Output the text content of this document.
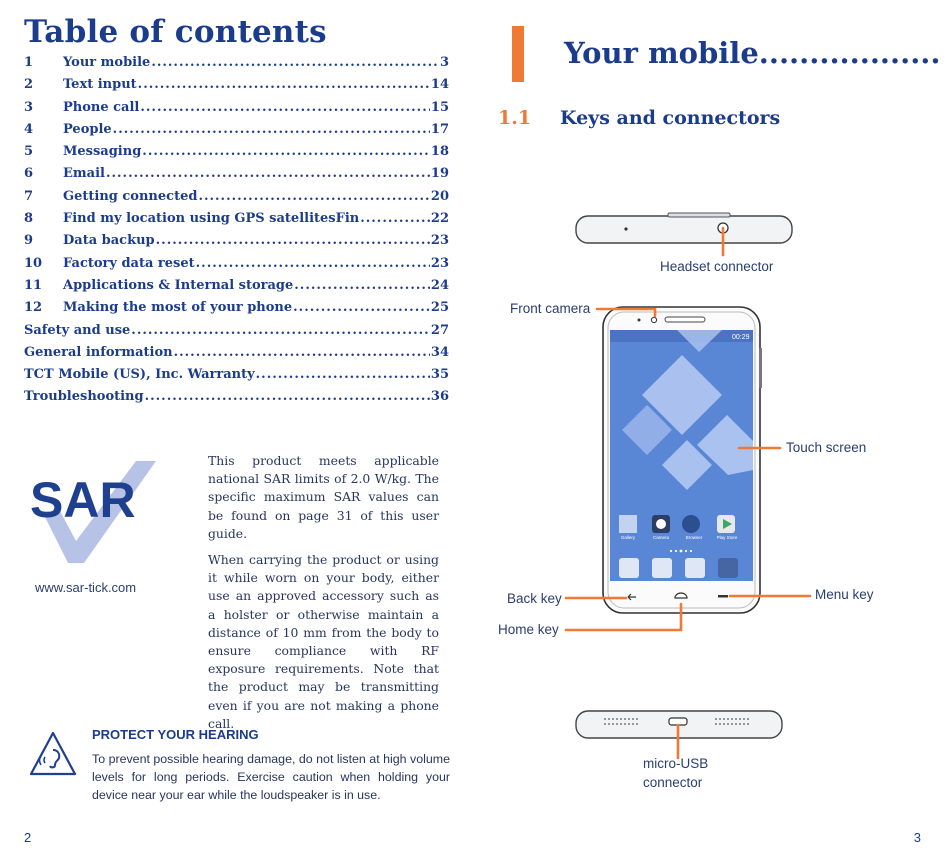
Table of contents
1	Your mobile .....	3
2	Text input .....	14
3	Phone call .....	15
4	People .....	17
5	Messaging .....	18
6	Email .....	19
7	Getting connected .....	20
8	Find my location using GPS satellitesFin .....	22
9	Data backup .....	23
10	Factory data reset .....	23
11	Applications & Internal storage .....	24
12	Making the most of your phone .....	25
Safety and use .....	27
General information .....	34
TCT Mobile (US), Inc. Warranty .....	35
Troubleshooting .....	36
SAR
www.sar-tick.com

This product meets applicable national SAR limits of 2.0 W/kg. The specific maximum SAR values can be found on page 31 of this user guide.

When carrying the product or using it while worn on your body, either use an approved accessory such as a holster or otherwise maintain a distance of 10 mm from the body to ensure compliance with RF exposure requirements. Note that the product may be transmitting even if you are not making a phone call.

PROTECT YOUR HEARING
To prevent possible hearing damage, do not listen at high volume levels for long periods. Exercise caution when holding your device near your ear while the loudspeaker is in use.
2
Your mobile..................
1.1 Keys and connectors
00:29
Gallery	Camera	Browser	Play Store
Headset connector
Front camera
Touch screen
Back key	Menu key
Home key
micro-USB
connector
3
